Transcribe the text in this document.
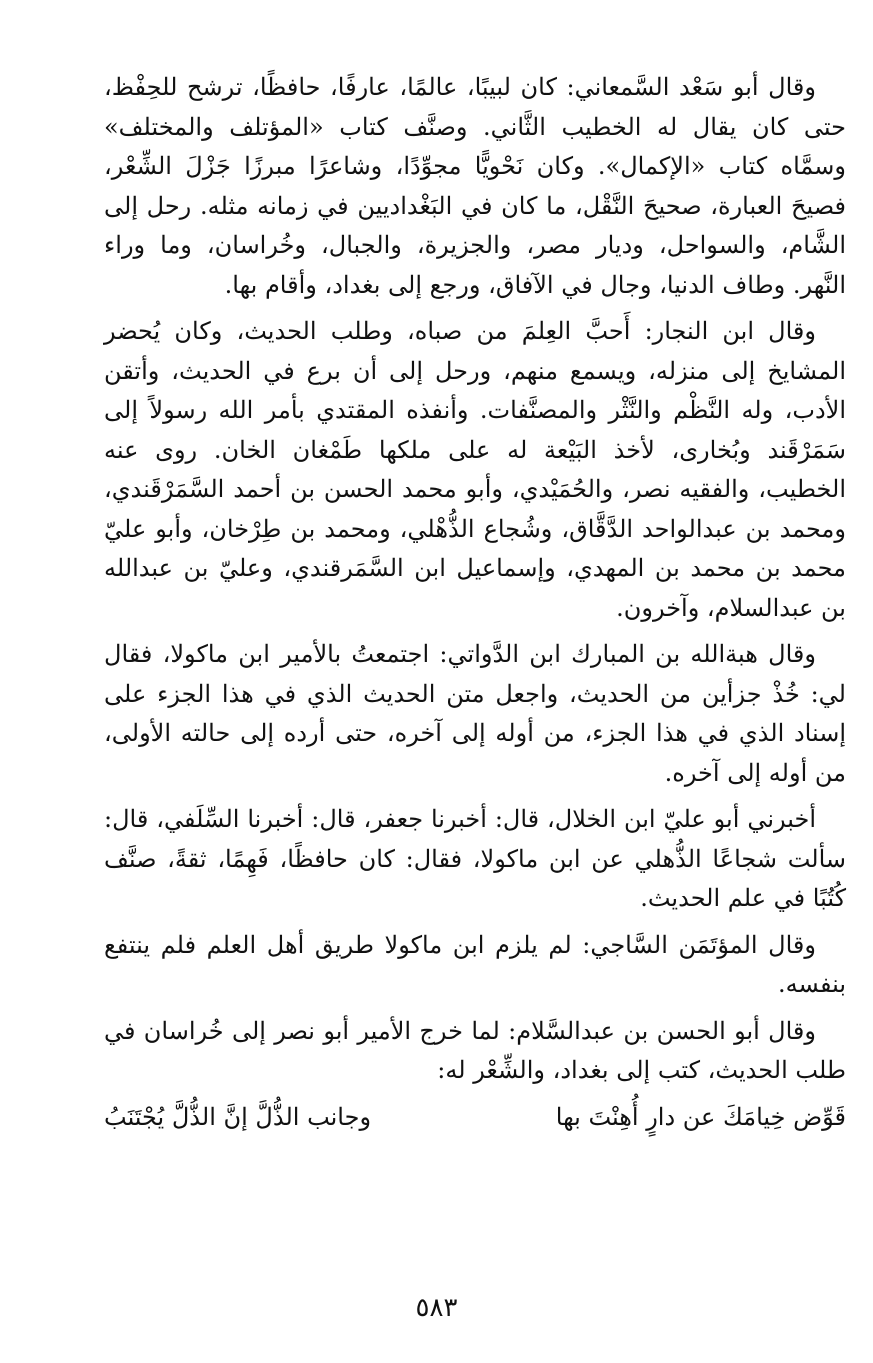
وقال أبو سَعْد السَّمعاني: كان لبيبًا، عالمًا، عارفًا، حافظًا، ترشح للحِفْظ، حتى كان يقال له الخطيب الثَّاني. وصنَّف كتاب «المؤتلف والمختلف» وسمَّاه كتاب «الإكمال». وكان نَحْويًّا مجوِّدًا، وشاعرًا مبرزًا جَزْلَ الشِّعْر، فصيحَ العبارة، صحيحَ النَّقْل، ما كان في البَغْداديين في زمانه مثله. رحل إلى الشَّام، والسواحل، وديار مصر، والجزيرة، والجبال، وخُراسان، وما وراء النَّهر. وطاف الدنيا، وجال في الآفاق، ورجع إلى بغداد، وأقام بها.

وقال ابن النجار: أَحبَّ العِلمَ من صباه، وطلب الحديث، وكان يُحضر المشايخ إلى منزله، ويسمع منهم، ورحل إلى أن برع في الحديث، وأتقن الأدب، وله النَّظْم والنَّثْر والمصنَّفات. وأنفذه المقتدي بأمر الله رسولاً إلى سَمَرْقَند وبُخارى، لأخذ البَيْعة له على ملكها طَمْغان الخان. روى عنه الخطيب، والفقيه نصر، والحُمَيْدي، وأبو محمد الحسن بن أحمد السَّمَرْقَندي، ومحمد بن عبدالواحد الدَّقَّاق، وشُجاع الذُّهْلي، ومحمد بن طِرْخان، وأبو عليّ محمد بن محمد بن المهدي، وإسماعيل ابن السَّمَرقندي، وعليّ بن عبدالله بن عبدالسلام، وآخرون.

وقال هبةالله بن المبارك ابن الدَّواتي: اجتمعتُ بالأمير ابن ماكولا، فقال لي: خُذْ جزأين من الحديث، واجعل متن الحديث الذي في هذا الجزء على إسناد الذي في هذا الجزء، من أوله إلى آخره، حتى أرده إلى حالته الأولى، من أوله إلى آخره.

أخبرني أبو عليّ ابن الخلال، قال: أخبرنا جعفر، قال: أخبرنا السِّلَفي، قال: سألت شجاعًا الذُّهلي عن ابن ماكولا، فقال: كان حافظًا، فَهِمًا، ثقةً، صنَّف كُتُبًا في علم الحديث.

وقال المؤتَمَن السَّاجي: لم يلزم ابن ماكولا طريق أهل العلم فلم ينتفع بنفسه.

وقال أبو الحسن بن عبدالسَّلام: لما خرج الأمير أبو نصر إلى خُراسان في طلب الحديث، كتب إلى بغداد، والشِّعْر له:

قَوِّض خِيامَكَ عن دارٍ أُهِنْتَ بها
وجانب الذُّلَّ إنَّ الذُّلَّ يُجْتَنَبُ
٥٨٣
